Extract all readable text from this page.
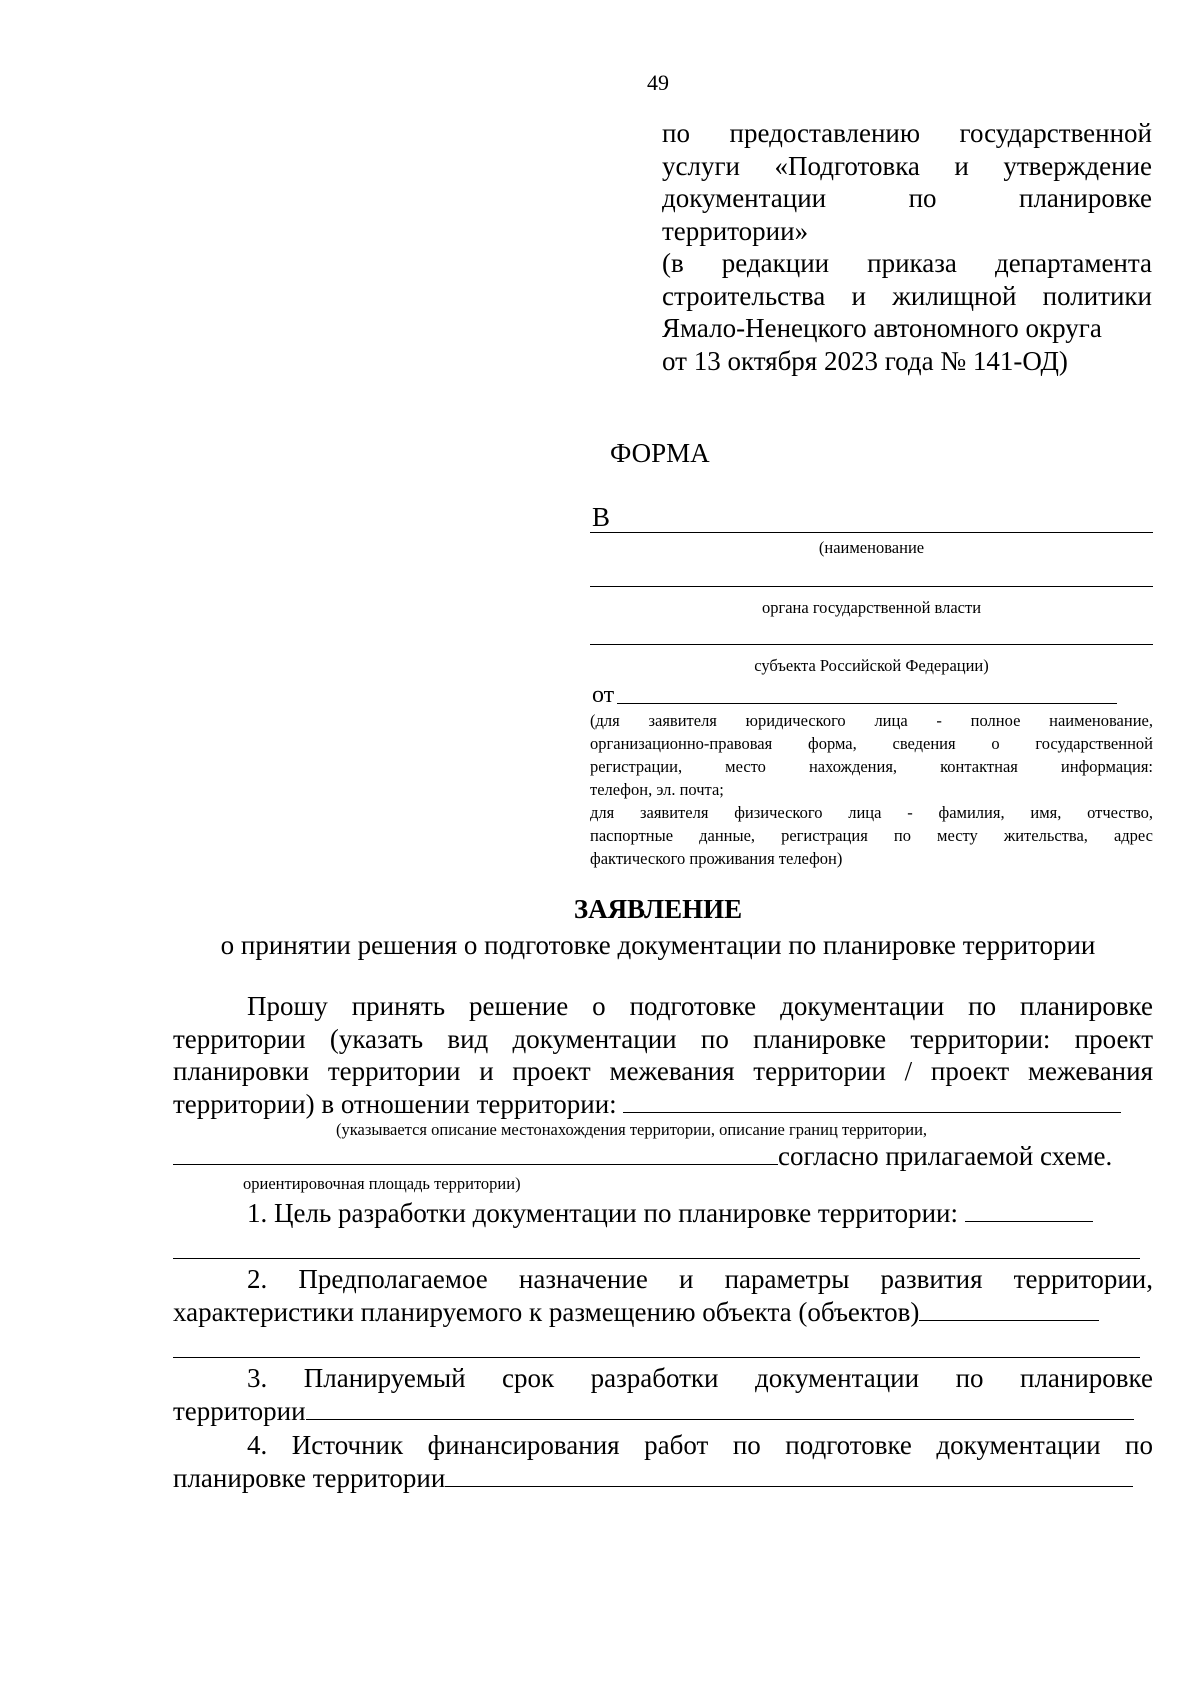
49
по предоставлению государственной
услуги «Подготовка и утверждение
документации по планировке
территории»
(в редакции приказа департамента
строительства и жилищной политики
Ямало-Ненецкого автономного округа
от 13 октября 2023 года № 141-ОД)
ФОРМА
В
(наименование
органа государственной власти
субъекта Российской Федерации)
от
(для заявителя юридического лица - полное наименование,
организационно-правовая форма, сведения о государственной
регистрации, место нахождения, контактная информация:
телефон, эл. почта;
для заявителя физического лица - фамилия, имя, отчество,
паспортные данные, регистрация по месту жительства, адрес
фактического проживания телефон)
ЗАЯВЛЕНИЕ
о принятии решения о подготовке документации по планировке территории
Прошу принять решение о подготовке документации по планировке
территории (указать вид документации по планировке территории: проект
планировки территории и проект межевания территории / проект межевания
территории) в отношении территории:
(указывается описание местонахождения территории, описание границ территории,
согласно прилагаемой схеме.
ориентировочная площадь территории)
1. Цель разработки документации по планировке территории:
2. Предполагаемое назначение и параметры развития территории,
характеристики планируемого к размещению объекта (объектов)
3. Планируемый срок разработки документации по планировке
территории
4. Источник финансирования работ по подготовке документации по
планировке территории
